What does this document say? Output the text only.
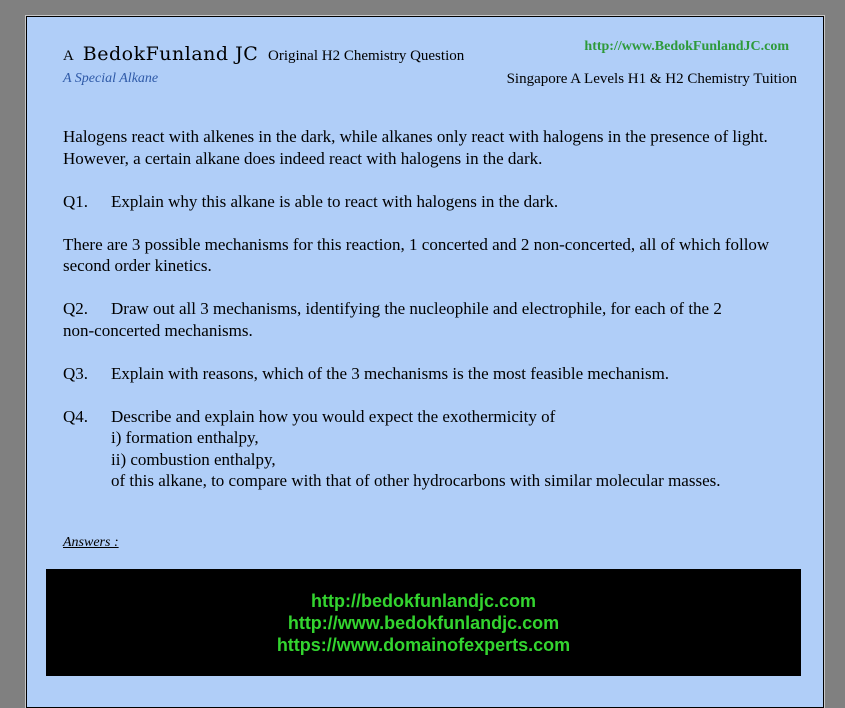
A BedokFunland JC Original H2 Chemistry Question
A Special Alkane
http://www.BedokFunlandJC.com
Singapore A Levels H1 & H2 Chemistry Tuition

Halogens react with alkenes in the dark, while alkanes only react with halogens in the presence of light. However, a certain alkane does indeed react with halogens in the dark.

Q1.	Explain why this alkane is able to react with halogens in the dark.

There are 3 possible mechanisms for this reaction, 1 concerted and 2 non-concerted, all of which follow second order kinetics.

Q2.	Draw out all 3 mechanisms, identifying the nucleophile and electrophile, for each of the 2
non-concerted mechanisms.

Q3.	Explain with reasons, which of the 3 mechanisms is the most feasible mechanism.

Q4.	Describe and explain how you would expect the exothermicity of
i) formation enthalpy,
ii) combustion enthalpy,
of this alkane, to compare with that of other hydrocarbons with similar molecular masses.
Answers :
http://bedokfunlandjc.com
http://www.bedokfunlandjc.com
https://www.domainofexperts.com
